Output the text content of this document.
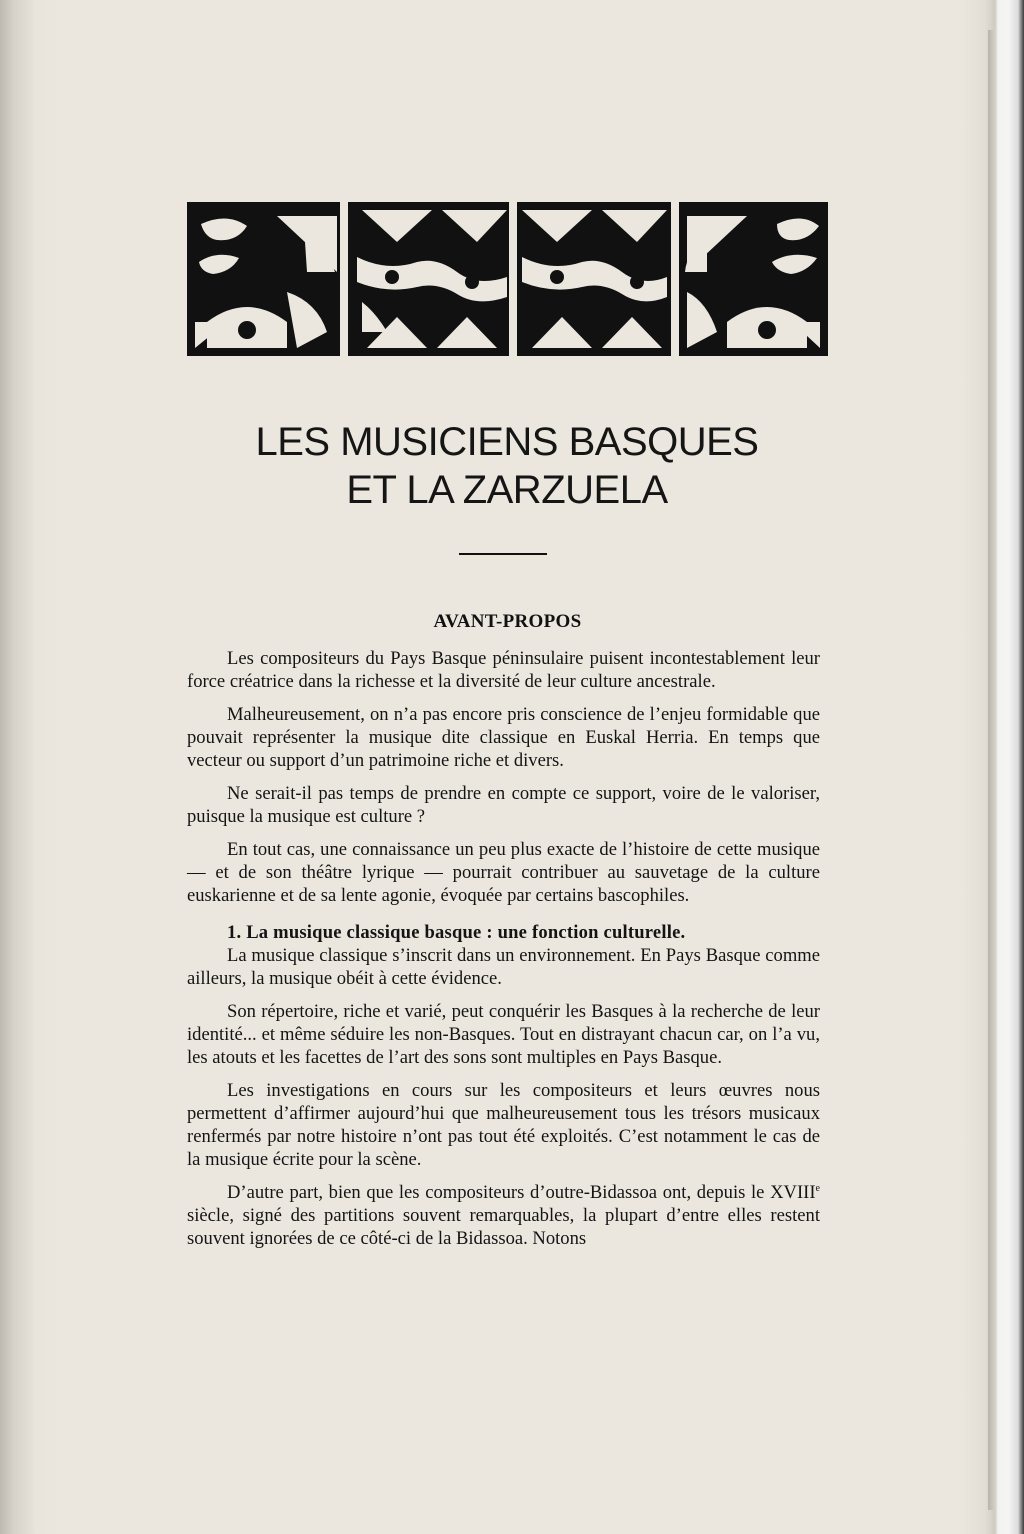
LES MUSICIENS BASQUES
ET LA ZARZUELA
AVANT-PROPOS

Les compositeurs du Pays Basque péninsulaire puisent incontestablement leur force créatrice dans la richesse et la diversité de leur culture ancestrale.

Malheureusement, on n’a pas encore pris conscience de l’enjeu formidable que pouvait représenter la musique dite classique en Euskal Herria. En temps que vecteur ou support d’un patrimoine riche et divers.

Ne serait-il pas temps de prendre en compte ce support, voire de le valoriser, puisque la musique est culture ?

En tout cas, une connaissance un peu plus exacte de l’histoire de cette musique — et de son théâtre lyrique — pourrait contribuer au sauvetage de la culture euskarienne et de sa lente agonie, évoquée par certains bascophiles.

1. La musique classique basque : une fonction culturelle.

La musique classique s’inscrit dans un environnement. En Pays Basque comme ailleurs, la musique obéit à cette évidence.

Son répertoire, riche et varié, peut conquérir les Basques à la recherche de leur identité... et même séduire les non-Basques. Tout en distrayant chacun car, on l’a vu, les atouts et les facettes de l’art des sons sont multiples en Pays Basque.

Les investigations en cours sur les compositeurs et leurs œuvres nous permettent d’affirmer aujourd’hui que malheureusement tous les trésors musicaux renfermés par notre histoire n’ont pas tout été exploités. C’est notamment le cas de la musique écrite pour la scène.

D’autre part, bien que les compositeurs d’outre-Bidassoa ont, depuis le XVIIIe siècle, signé des partitions souvent remarquables, la plupart d’entre elles restent souvent ignorées de ce côté-ci de la Bidassoa. Notons
